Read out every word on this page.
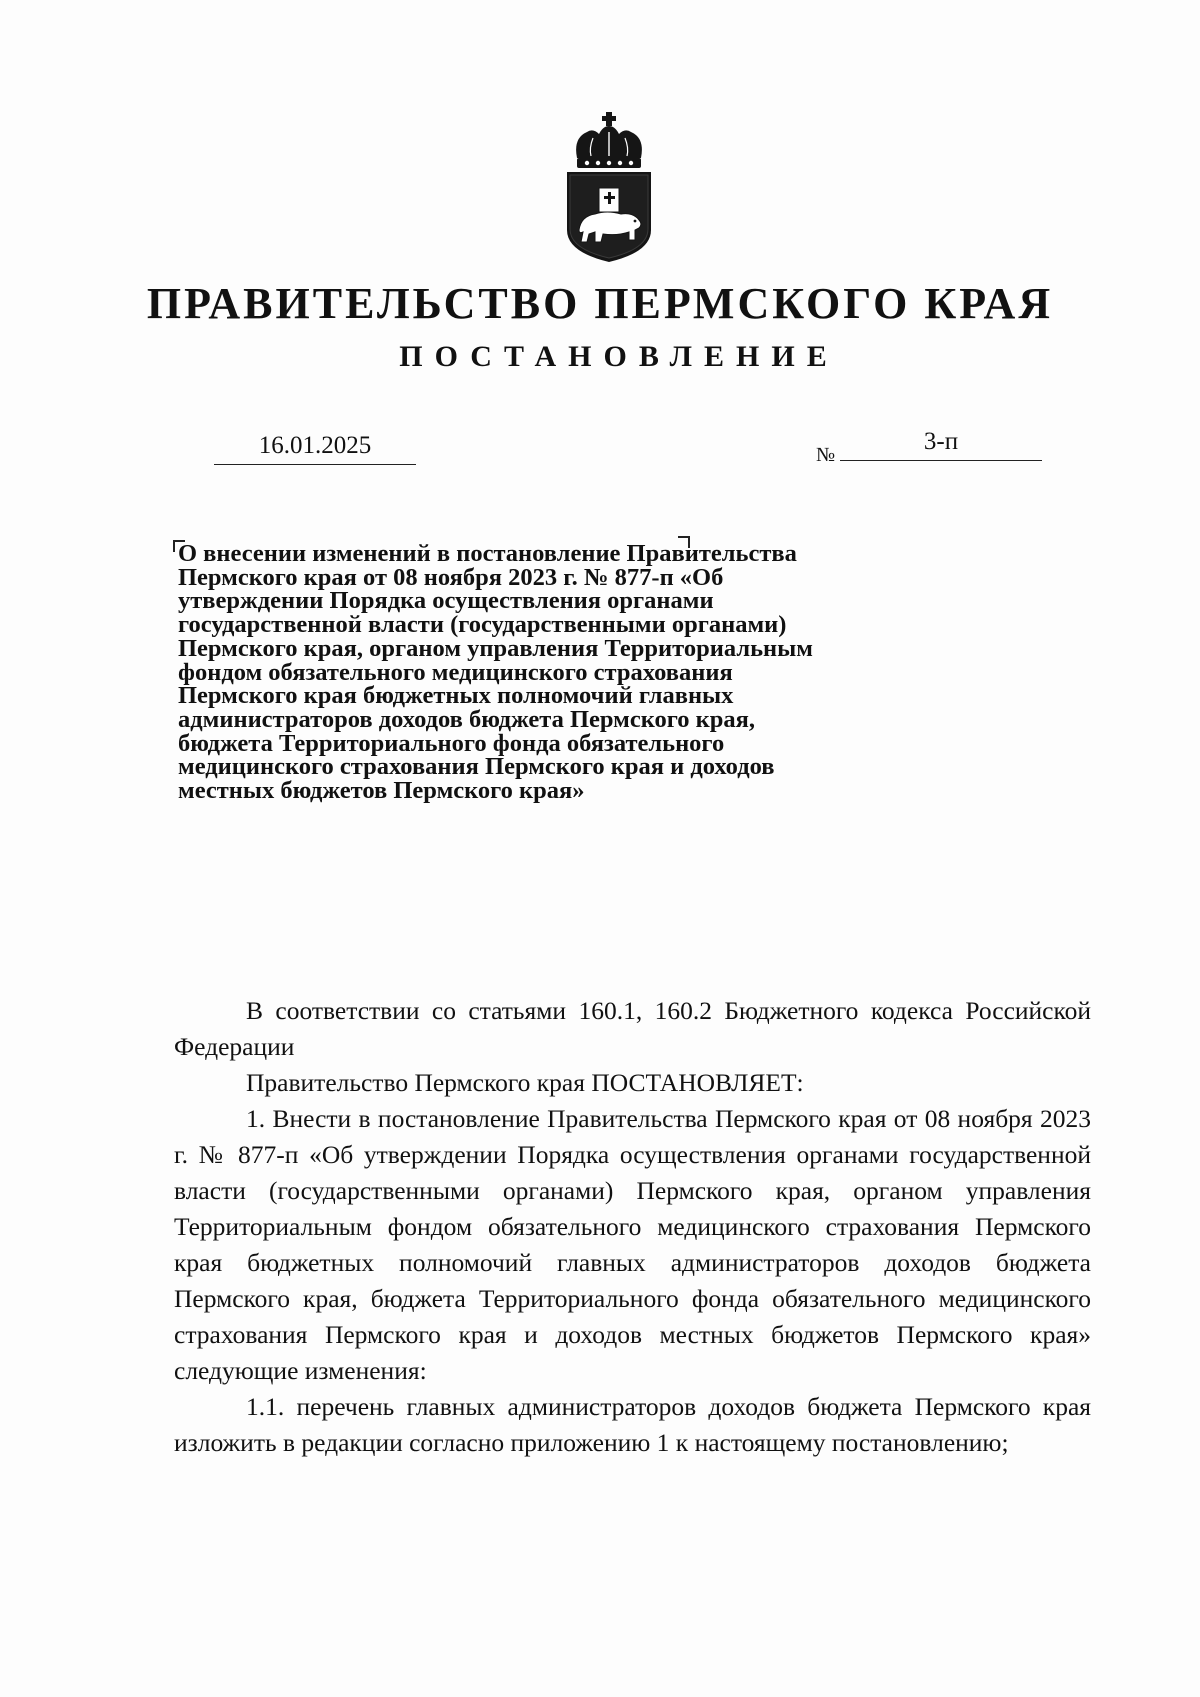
ПРАВИТЕЛЬСТВО ПЕРМСКОГО КРАЯ
ПОСТАНОВЛЕНИЕ
16.01.2025	№	3-п

О внесении изменений в постановление Правительства Пермского края от 08 ноября 2023 г. № 877-п «Об утверждении Порядка осуществления органами государственной власти (государственными органами) Пермского края, органом управления Территориальным фондом обязательного медицинского страхования Пермского края бюджетных полномочий главных администраторов доходов бюджета Пермского края, бюджета Территориального фонда обязательного медицинского страхования Пермского края и доходов местных бюджетов Пермского края»

В соответствии со статьями 160.1, 160.2 Бюджетного кодекса Российской Федерации

Правительство Пермского края ПОСТАНОВЛЯЕТ:

1. Внести в постановление Правительства Пермского края от 08 ноября 2023 г. № 877-п «Об утверждении Порядка осуществления органами государственной власти (государственными органами) Пермского края, органом управления Территориальным фондом обязательного медицинского страхования Пермского края бюджетных полномочий главных администраторов доходов бюджета Пермского края, бюджета Территориального фонда обязательного медицинского страхования Пермского края и доходов местных бюджетов Пермского края» следующие изменения:

1.1. перечень главных администраторов доходов бюджета Пермского края изложить в редакции согласно приложению 1 к настоящему постановлению;
